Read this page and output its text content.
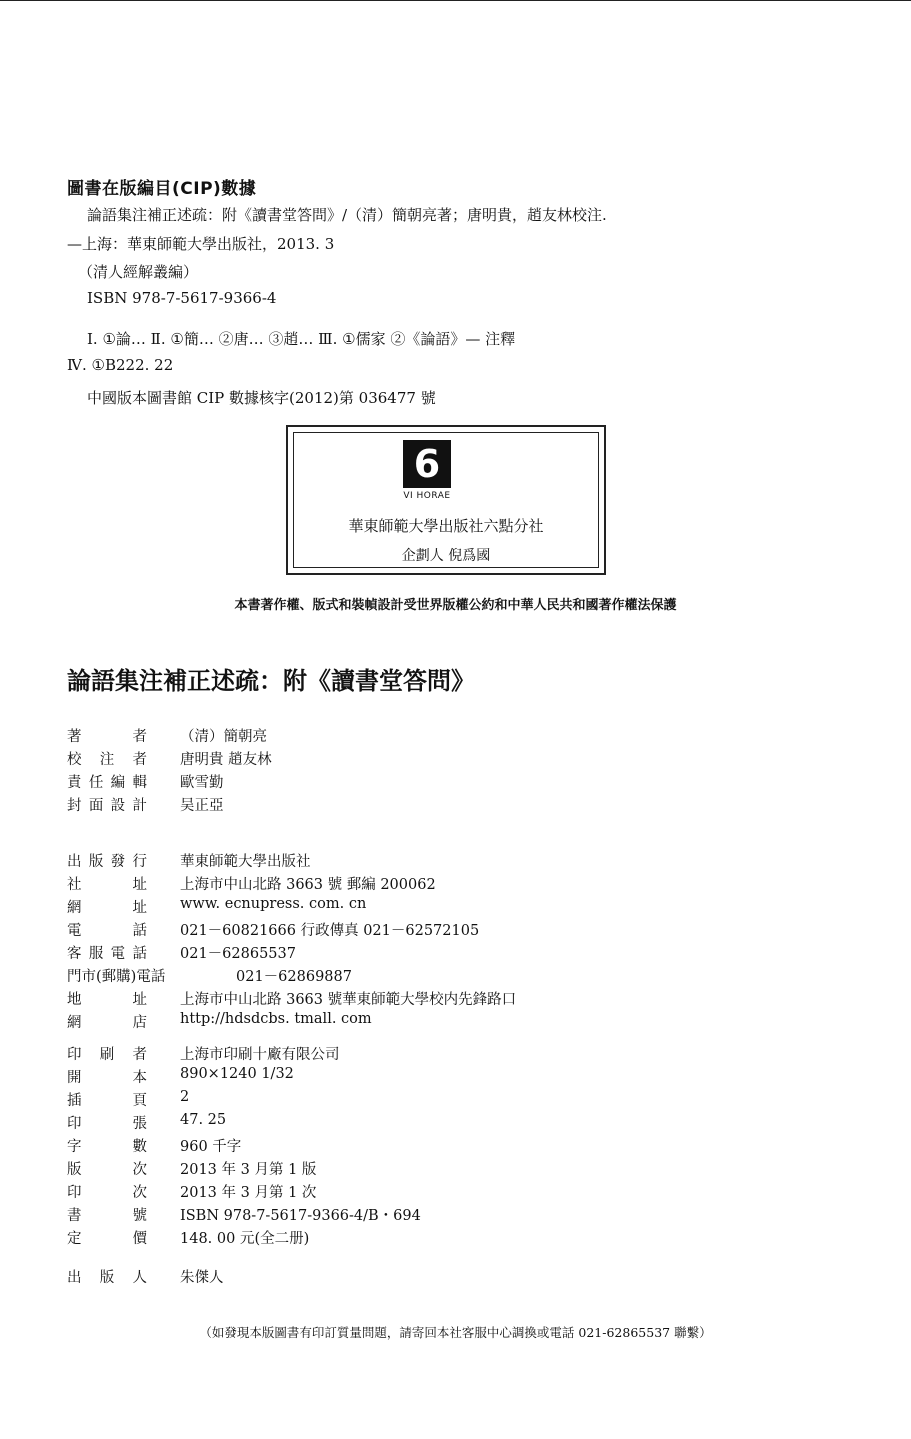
圖書在版編目(CIP)數據
論語集注補正述疏：附《讀書堂答問》/（清）簡朝亮著；唐明貴，趙友林校注.
—上海：華東師範大學出版社，2013. 3
（清人經解叢編）
ISBN 978-7-5617-9366-4
Ⅰ. ①論… Ⅱ. ①簡… ②唐… ③趙… Ⅲ. ①儒家 ②《論語》— 注釋
Ⅳ. ①B222. 22
中國版本圖書館 CIP 數據核字(2012)第 036477 號
6
VI HORAE
華東師範大學出版社六點分社
企劃人 倪爲國
本書著作權、版式和裝幀設計受世界版權公約和中華人民共和國著作權法保護
論語集注補正述疏：附《讀書堂答問》
著	者 （清）簡朝亮
校 注 者 唐明貴 趙友林
責 任 編 輯 歐雪勤
封 面 設 計 吴正亞
出 版 發 行 華東師範大學出版社
社	址 上海市中山北路 3663 號 郵編 200062
網	址 www. ecnupress. com. cn
電	話 021－60821666 行政傳真 021－62572105
客 服 電 話 021－62865537
門市(郵購)電話	021－62869887
地	址 上海市中山北路 3663 號華東師範大學校内先鋒路口
網	店 http://hdsdcbs. tmall. com
印 刷 者 上海市印刷十廠有限公司
開	本 890×1240 1/32
插	頁 2
印	張 47. 25
字	數 960 千字
版	次 2013 年 3 月第 1 版
印	次 2013 年 3 月第 1 次
書	號 ISBN 978-7-5617-9366-4/B・694
定	價 148. 00 元(全二册)
出 版 人 朱傑人
（如發現本版圖書有印訂質量問題，請寄回本社客服中心調換或電話 021-62865537 聯繫）
